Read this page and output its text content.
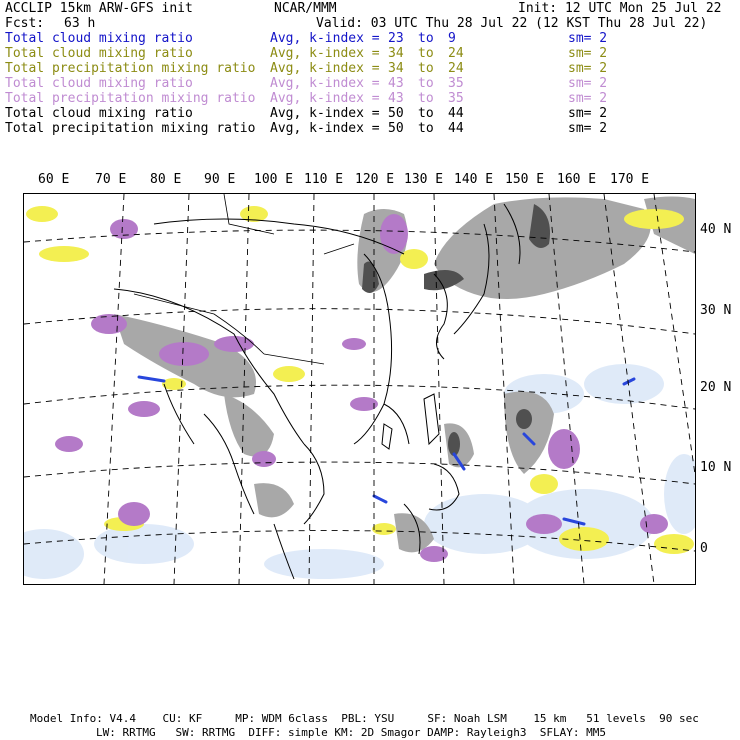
ACCLIP 15km ARW-GFS init	NCAR/MMM	Init: 12 UTC Mon 25 Jul 22
Fcst: 63 h	Valid: 03 UTC Thu 28 Jul 22 (12 KST Thu 28 Jul 22)
Total cloud mixing ratio	Avg, k-index = 23 to 9	sm= 2
Total cloud mixing ratio	Avg, k-index = 34 to 24	sm= 2
Total precipitation mixing ratio Avg, k-index = 34 to 24	sm= 2
Total cloud mixing ratio	Avg, k-index = 43 to 35	sm= 2
Total precipitation mixing ratio Avg, k-index = 43 to 35	sm= 2
Total cloud mixing ratio	Avg, k-index = 50 to 44	sm= 2
Total precipitation mixing ratio Avg, k-index = 50 to 44	sm= 2
60 E 70 E 80 E 90 E 100 E 110 E 120 E 130 E 140 E 150 E 160 E 170 E
40 N
30 N
20 N
10 N
0
Model Info: V4.4    CU: KF     MP: WDM 6class  PBL: YSU     SF: Noah LSM    15 km   51 levels  90 sec
LW: RRTMG   SW: RRTMG  DIFF: simple KM: 2D Smagor DAMP: Rayleigh3  SFLAY: MM5
